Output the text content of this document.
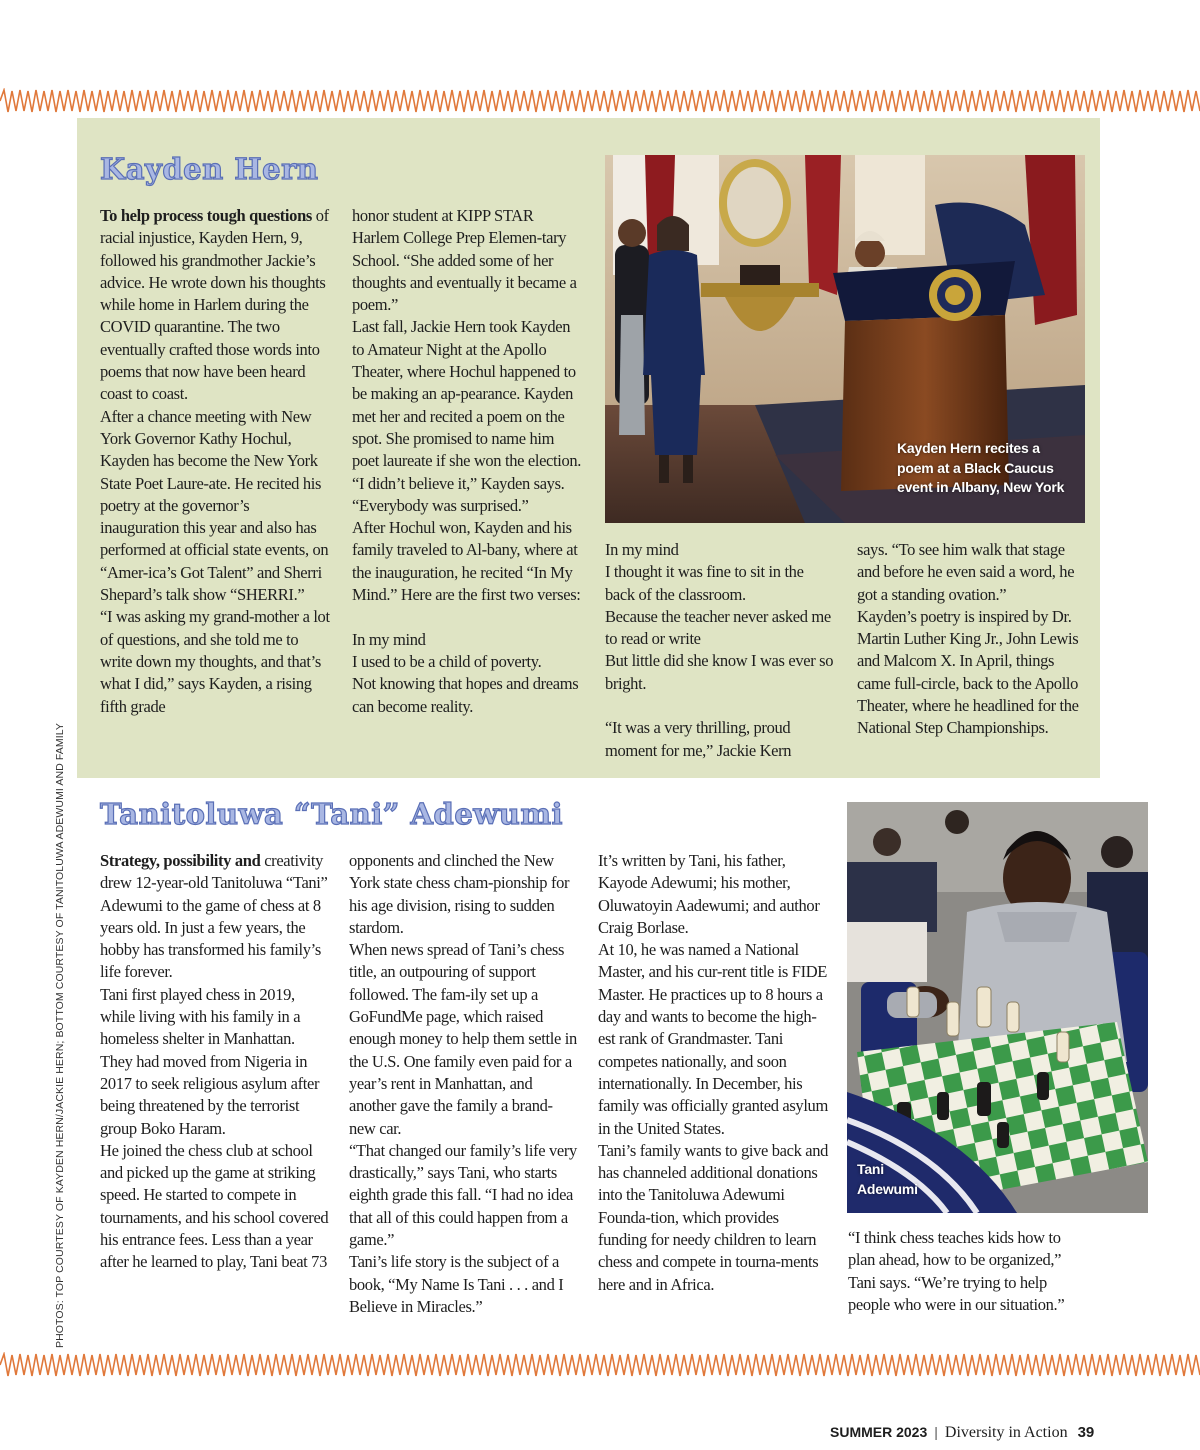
PHOTOS: TOP COURTESY OF KAYDEN HERN/JACKIE HERN; BOTTOM COURTESY OF TANITOLUWA ADEWUMI AND FAMILY
Kayden Hern

To help process tough questions of racial injustice, Kayden Hern, 9, followed his grandmother Jackie’s advice. He wrote down his thoughts while home in Harlem during the COVID quarantine. The two eventually crafted those words into poems that now have been heard coast to coast.
After a chance meeting with New York Governor Kathy Hochul, Kayden has become the New York State Poet Laure-ate. He recited his poetry at the governor’s inauguration this year and also has performed at official state events, on “Amer-ica’s Got Talent” and Sherri Shepard’s talk show “SHERRI.”
“I was asking my grand-mother a lot of questions, and she told me to write down my thoughts, and that’s what I did,” says Kayden, a rising fifth grade

honor student at KIPP STAR Harlem College Prep Elemen-tary School. “She added some of her thoughts and eventually it became a poem.”
Last fall, Jackie Hern took Kayden to Amateur Night at the Apollo Theater, where Hochul happened to be making an ap-pearance. Kayden met her and recited a poem on the spot. She promised to name him poet laureate if she won the election. “I didn’t believe it,” Kayden says. “Everybody was surprised.”
After Hochul won, Kayden and his family traveled to Al-bany, where at the inauguration, he recited “In My Mind.” Here are the first two verses:

In my mind
I used to be a child of poverty.
Not knowing that hopes and dreams can become reality.

In my mind
I thought it was fine to sit in the back of the classroom.
Because the teacher never asked me to read or write
But little did she know I was ever so bright.

“It was a very thrilling, proud moment for me,” Jackie Kern

says. “To see him walk that stage and before he even said a word, he got a standing ovation.”
Kayden’s poetry is inspired by Dr. Martin Luther King Jr., John Lewis and Malcom X. In April, things came full-circle, back to the Apollo Theater, where he headlined for the National Step Championships.

Kayden Hern recites a
poem at a Black Caucus
event in Albany, New York
Tanitoluwa “Tani” Adewumi

Strategy, possibility and creativity drew 12-year-old Tanitoluwa “Tani” Adewumi to the game of chess at 8 years old. In just a few years, the hobby has transformed his family’s life forever.
Tani first played chess in 2019, while living with his family in a homeless shelter in Manhattan. They had moved from Nigeria in 2017 to seek religious asylum after being threatened by the terrorist group Boko Haram.
He joined the chess club at school and picked up the game at striking speed. He started to compete in tournaments, and his school covered his entrance fees. Less than a year after he learned to play, Tani beat 73

opponents and clinched the New York state chess cham-pionship for his age division, rising to sudden stardom.
When news spread of Tani’s chess title, an outpouring of support followed. The fam-ily set up a GoFundMe page, which raised enough money to help them settle in the U.S. One family even paid for a year’s rent in Manhattan, and another gave the family a brand-new car.
“That changed our family’s life very drastically,” says Tani, who starts eighth grade this fall. “I had no idea that all of this could happen from a game.”
Tani’s life story is the subject of a book, “My Name Is Tani . . . and I Believe in Miracles.”

It’s written by Tani, his father, Kayode Adewumi; his mother, Oluwatoyin Aadewumi; and author Craig Borlase.
At 10, he was named a National Master, and his cur-rent title is FIDE Master. He practices up to 8 hours a day and wants to become the high-est rank of Grandmaster. Tani competes nationally, and soon internationally. In December, his family was officially granted asylum in the United States.
Tani’s family wants to give back and has channeled additional donations into the Tanitoluwa Adewumi Founda-tion, which provides funding for needy children to learn chess and compete in tourna-ments here and in Africa.

“I think chess teaches kids how to plan ahead, how to be organized,” Tani says. “We’re trying to help people who were in our situation.”

Tani
Adewumi
SUMMER 2023 | Diversity in Action 39
